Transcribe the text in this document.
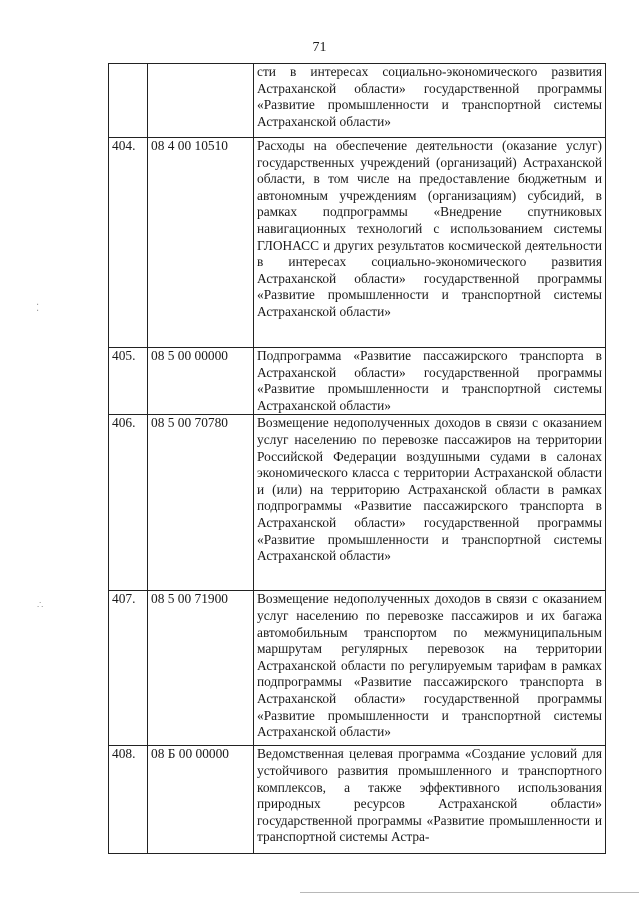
71
		сти в интересах социально-экономического развития Астраханской области» государственной программы «Развитие промышленности и транспортной системы Астраханской области»
404.	08 4 00 10510	Расходы на обеспечение деятельности (оказание услуг) государственных учреждений (организаций) Астраханской области, в том числе на предоставление бюджетным и автономным учреждениям (организациям) субсидий, в рамках подпрограммы «Внедрение спутниковых навигационных технологий с использованием системы ГЛОНАСС и других результатов космической деятельности в интересах социально-экономического развития Астраханской области» государственной программы «Развитие промышленности и транспортной системы Астраханской области»
405.	08 5 00 00000	Подпрограмма «Развитие пассажирского транспорта в Астраханской области» государственной программы «Развитие промышленности и транспортной системы Астраханской области»
406.	08 5 00 70780	Возмещение недополученных доходов в связи с оказанием услуг населению по перевозке пассажиров на территории Российской Федерации воздушными судами в салонах экономического класса с территории Астраханской области и (или) на территорию Астраханской области в рамках подпрограммы «Развитие пассажирского транспорта в Астраханской области» государственной программы «Развитие промышленности и транспортной системы Астраханской области»
407.	08 5 00 71900	Возмещение недополученных доходов в связи с оказанием услуг населению по перевозке пассажиров и их багажа автомобильным транспортом по межмуниципальным маршрутам регулярных перевозок на территории Астраханской области по регулируемым тарифам в рамках подпрограммы «Развитие пассажирского транспорта в Астраханской области» государственной программы «Развитие промышленности и транспортной системы Астраханской области»
408.	08 Б 00 00000	Ведомственная целевая программа «Создание условий для устойчивого развития промышленного и транспортного комплексов, а также эффективного использования природных ресурсов Астраханской области» государственной программы «Развитие промышленности и транспортной системы Астра-
⁚
∴
